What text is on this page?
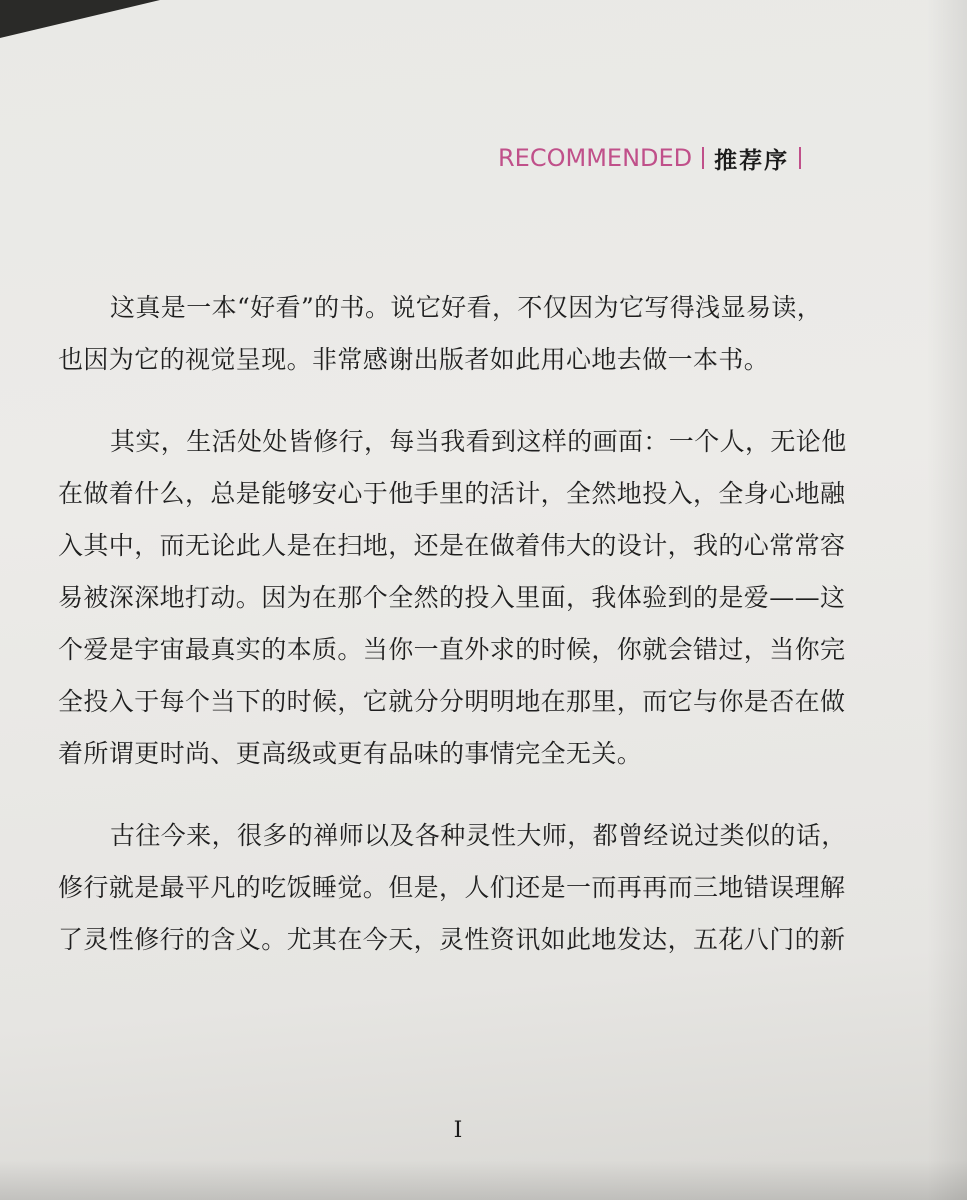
RECOMMENDED 推荐序
这真是一本“好看”的书。说它好看，不仅因为它写得浅显易读，
也因为它的视觉呈现。非常感谢出版者如此用心地去做一本书。
其实，生活处处皆修行，每当我看到这样的画面：一个人，无论他
在做着什么，总是能够安心于他手里的活计，全然地投入，全身心地融
入其中，而无论此人是在扫地，还是在做着伟大的设计，我的心常常容
易被深深地打动。因为在那个全然的投入里面，我体验到的是爱——这
个爱是宇宙最真实的本质。当你一直外求的时候，你就会错过，当你完
全投入于每个当下的时候，它就分分明明地在那里，而它与你是否在做
着所谓更时尚、更高级或更有品味的事情完全无关。
古往今来，很多的禅师以及各种灵性大师，都曾经说过类似的话，
修行就是最平凡的吃饭睡觉。但是，人们还是一而再再而三地错误理解
了灵性修行的含义。尤其在今天，灵性资讯如此地发达，五花八门的新
I
